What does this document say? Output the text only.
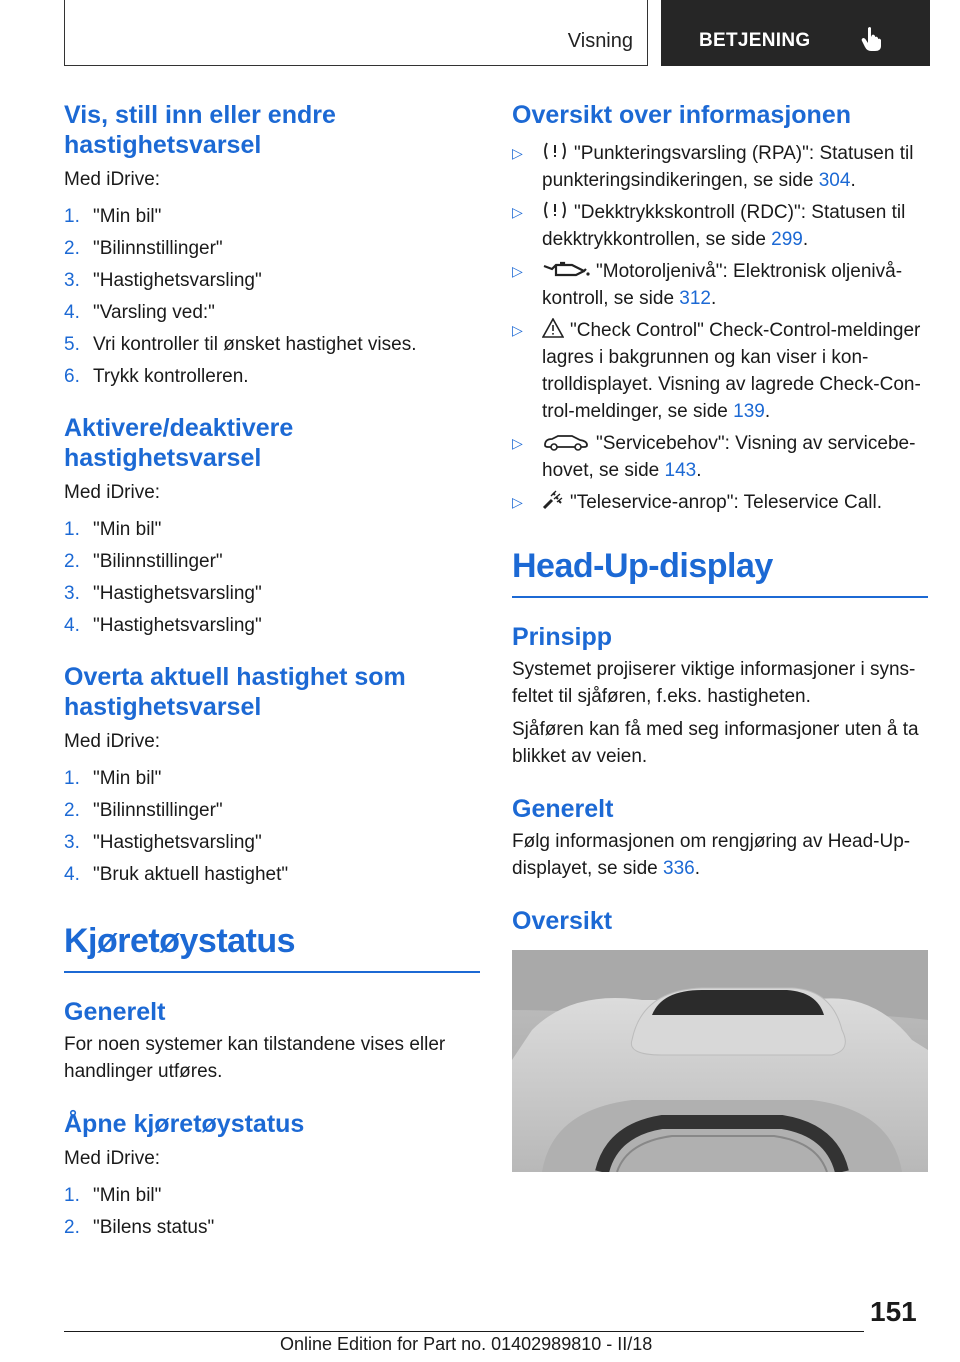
Visning	BETJENING
Vis, still inn eller endre hastighetsvarsel

Med iDrive:

1. "Min bil"
2. "Bilinnstillinger"
3. "Hastighetsvarsling"
4. "Varsling ved:"
5. Vri kontroller til ønsket hastighet vises.
6. Trykk kontrolleren.
Aktivere/deaktivere hastighetsvarsel

Med iDrive:

1. "Min bil"
2. "Bilinnstillinger"
3. "Hastighetsvarsling"
4. "Hastighetsvarsling"
Overta aktuell hastighet som hastighetsvarsel

Med iDrive:

1. "Min bil"
2. "Bilinnstillinger"
3. "Hastighetsvarsling"
4. "Bruk aktuell hastighet"
Kjøretøystatus
Generelt

For noen systemer kan tilstandene vises eller handlinger utføres.

Åpne kjøretøystatus

Med iDrive:

1. "Min bil"
2. "Bilens status"
Oversikt over informasjonen
▷	"Punkteringsvarsling (RPA)": Statusen til punkteringsindikeringen, se side 304.
▷	"Dekktrykkskontroll (RDC)": Statusen til dekktrykkontrollen, se side 299.
▷	"Motoroljenivå": Elektronisk oljenivåkontroll, se side 312.
▷ "Check Control" Check-Control-meldinger lagres i bakgrunnen og kan viser i kontrolldisplayet. Visning av lagrede Check-Control-meldinger, se side 139.
▷	"Servicebehov": Visning av servicebehovet, se side 143.
▷ "Teleservice-anrop": Teleservice Call.
Head-Up-display
Prinsipp

Systemet projiserer viktige informasjoner i synsfeltet til sjåføren, f.eks. hastigheten.

Sjåføren kan få med seg informasjoner uten å ta blikket av veien.

Generelt

Følg informasjonen om rengjøring av Head-Up-displayet, se side 336.

Oversikt
151
Online Edition for Part no. 01402989810 - II/18
